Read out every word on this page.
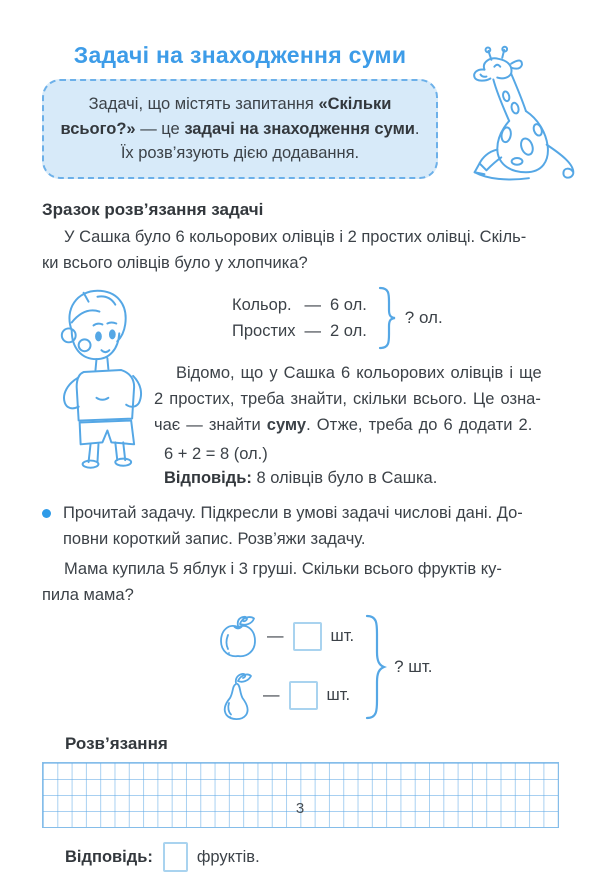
Задачі на знаходження суми
Задачі, що містять запитання «Скільки
всього?» — це задачі на знаходження суми.
Їх розв’язують дією додавання.
Зразок розв’язання задачі

У Сашка було 6 кольорових олівців і 2 простих олівці. Скіль-
ки всього олівців було у хлопчика?

Кольор. — 6 ол.
Простих — 2 ол.
? ол.
Відомо, що у Сашка 6 кольорових олівців і ще
2 простих, треба знайти, скільки всього. Це озна-
чає — знайти суму. Отже, треба до 6 додати 2.
6 + 2 = 8 (ол.)
Відповідь: 8 олівців було в Сашка.
Прочитай задачу. Підкресли в умові задачі числові дані. До-
повни короткий запис. Розв’яжи задачу.

Мама купила 5 яблук і 3 груші. Скільки всього фруктів ку-
пила мама?

—	шт.
—	шт.
? шт.
Розв’язання
Відповідь:	фруктів.
3
